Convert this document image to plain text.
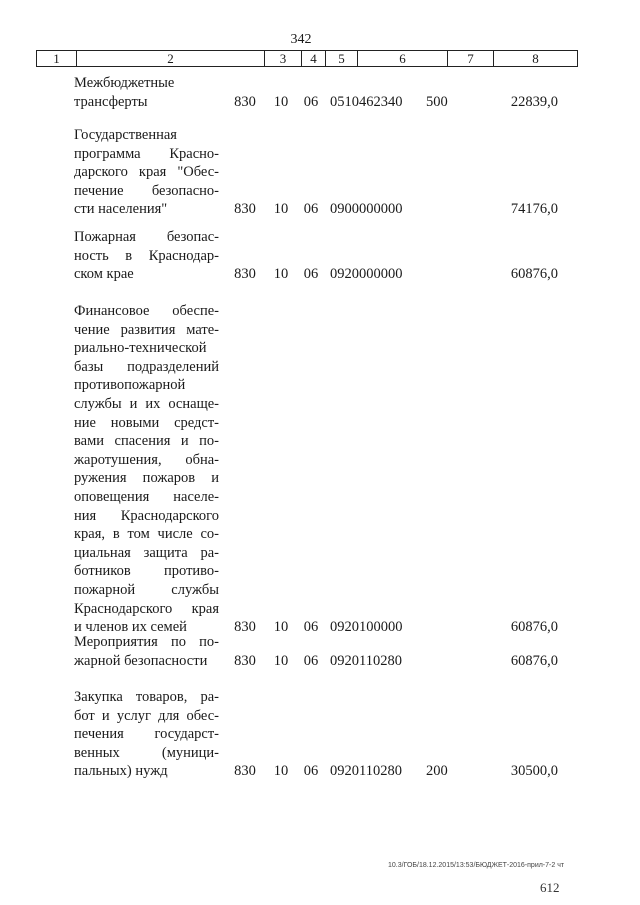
342
1	2	3	4	5	6	7	8
Межбюджетные
трансферты	830	10	06 0510462340	500	22839,0
Государственная
программа Красно-
дарского края "Обес-
печение безопасно-
сти населения"	830	10	06 0900000000	74176,0
Пожарная безопас-
ность в Краснодар-
ском крае	830	10	06 0920000000	60876,0
Финансовое обеспе-
чение развития мате-
риально-технической
базы подразделений
противопожарной
службы и их оснаще-
ние новыми средст-
вами спасения и по-
жаротушения, обна-
ружения пожаров и
оповещения населе-
ния Краснодарского
края, в том числе со-
циальная защита ра-
ботников противо-
пожарной службы
Краснодарского края
и членов их семей	830	10	06 0920100000	60876,0
Мероприятия по по-
жарной безопасности	830	10	06 0920110280	60876,0
Закупка товаров, ра-
бот и услуг для обес-
печения государст-
венных (муници-
пальных) нужд	830	10	06 0920110280	200	30500,0
10.3/ГОБ/18.12.2015/13:53/БЮДЖЕТ-2016-прил-7-2 чт
612
